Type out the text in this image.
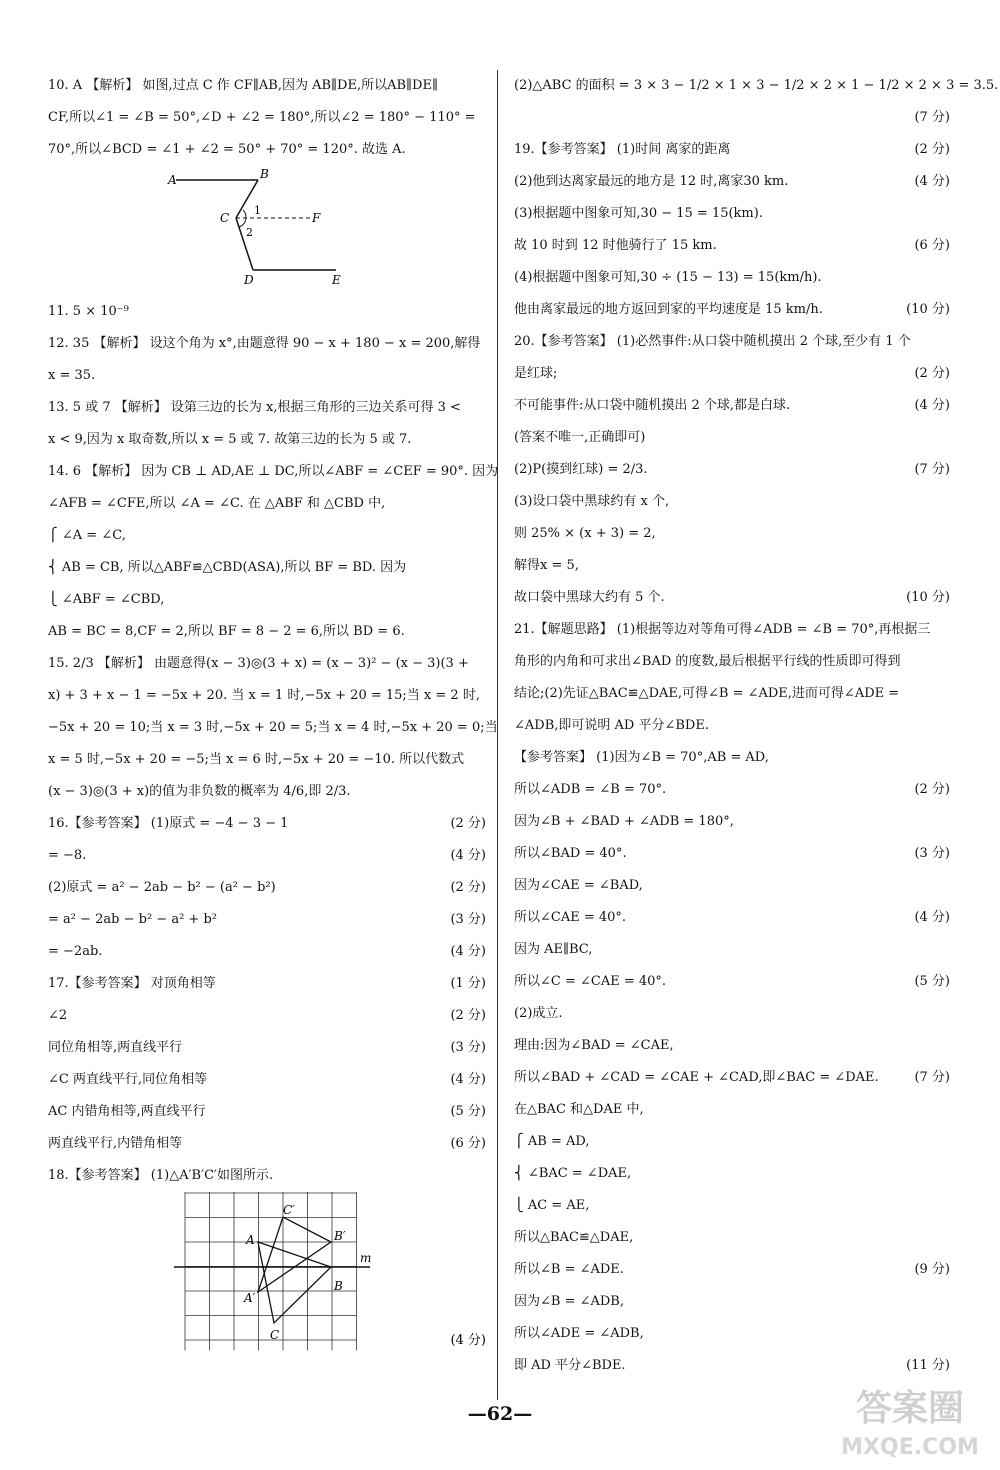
10. A 【解析】 如图,过点 C 作 CF∥AB,因为 AB∥DE,所以AB∥DE∥
CF,所以∠1 = ∠B = 50°,∠D + ∠2 = 180°,所以∠2 = 180° − 110° =
70°,所以∠BCD = ∠1 + ∠2 = 50° + 70° = 120°. 故选 A.
A	B
C	F
D	E
1
2
11. 5 × 10⁻⁹
12. 35 【解析】 设这个角为 x°,由题意得 90 − x + 180 − x = 200,解得
x = 35.
13. 5 或 7 【解析】 设第三边的长为 x,根据三角形的三边关系可得 3 <
x < 9,因为 x 取奇数,所以 x = 5 或 7. 故第三边的长为 5 或 7.
14. 6 【解析】 因为 CB ⊥ AD,AE ⊥ DC,所以∠ABF = ∠CEF = 90°. 因为
∠AFB = ∠CFE,所以 ∠A = ∠C. 在 △ABF 和 △CBD 中,
⎧ ∠A = ∠C,
⎨ AB = CB, 所以△ABF≌△CBD(ASA),所以 BF = BD. 因为
⎩ ∠ABF = ∠CBD,
AB = BC = 8,CF = 2,所以 BF = 8 − 2 = 6,所以 BD = 6.
15. 2/3 【解析】 由题意得(x − 3)◎(3 + x) = (x − 3)² − (x − 3)(3 +
x) + 3 + x − 1 = −5x + 20. 当 x = 1 时,−5x + 20 = 15;当 x = 2 时,
−5x + 20 = 10;当 x = 3 时,−5x + 20 = 5;当 x = 4 时,−5x + 20 = 0;当
x = 5 时,−5x + 20 = −5;当 x = 6 时,−5x + 20 = −10. 所以代数式
(x − 3)◎(3 + x)的值为非负数的概率为 4/6,即 2/3.
16.【参考答案】 (1)原式 = −4 − 3 − 1	(2 分)
= −8.	(4 分)
(2)原式 = a² − 2ab − b² − (a² − b²)	(2 分)
= a² − 2ab − b² − a² + b²	(3 分)
= −2ab.	(4 分)
17.【参考答案】 对顶角相等	(1 分)
∠2	(2 分)
同位角相等,两直线平行	(3 分)
∠C 两直线平行,同位角相等	(4 分)
AC 内错角相等,两直线平行	(5 分)
两直线平行,内错角相等	(6 分)
18.【参考答案】 (1)△A′B′C′如图所示.
A
B
C
A′
B′
C′
m
(4 分)
(2)△ABC 的面积 = 3 × 3 − 1/2 × 1 × 3 − 1/2 × 2 × 1 − 1/2 × 2 × 3 = 3.5.
(7 分)
19.【参考答案】 (1)时间 离家的距离	(2 分)
(2)他到达离家最远的地方是 12 时,离家30 km.	(4 分)
(3)根据题中图象可知,30 − 15 = 15(km).
故 10 时到 12 时他骑行了 15 km.	(6 分)
(4)根据题中图象可知,30 ÷ (15 − 13) = 15(km/h).
他由离家最远的地方返回到家的平均速度是 15 km/h.	(10 分)
20.【参考答案】 (1)必然事件:从口袋中随机摸出 2 个球,至少有 1 个
是红球;	(2 分)
不可能事件:从口袋中随机摸出 2 个球,都是白球.	(4 分)
(答案不唯一,正确即可)
(2)P(摸到红球) = 2/3.	(7 分)
(3)设口袋中黑球约有 x 个,
则 25% × (x + 3) = 2,
解得x = 5,
故口袋中黑球大约有 5 个.	(10 分)
21.【解题思路】 (1)根据等边对等角可得∠ADB = ∠B = 70°,再根据三
角形的内角和可求出∠BAD 的度数,最后根据平行线的性质即可得到
结论;(2)先证△BAC≌△DAE,可得∠B = ∠ADE,进而可得∠ADE =
∠ADB,即可说明 AD 平分∠BDE.
【参考答案】 (1)因为∠B = 70°,AB = AD,
所以∠ADB = ∠B = 70°.	(2 分)
因为∠B + ∠BAD + ∠ADB = 180°,
所以∠BAD = 40°.	(3 分)
因为∠CAE = ∠BAD,
所以∠CAE = 40°.	(4 分)
因为 AE∥BC,
所以∠C = ∠CAE = 40°.	(5 分)
(2)成立.
理由:因为∠BAD = ∠CAE,
所以∠BAD + ∠CAD = ∠CAE + ∠CAD,即∠BAC = ∠DAE.	(7 分)
在△BAC 和△DAE 中,
⎧ AB = AD,
⎨ ∠BAC = ∠DAE,
⎩ AC = AE,
所以△BAC≌△DAE,
所以∠B = ∠ADE.	(9 分)
因为∠B = ∠ADB,
所以∠ADE = ∠ADB,
即 AD 平分∠BDE.	(11 分)
—62—	答案圈
MXQE.COM
